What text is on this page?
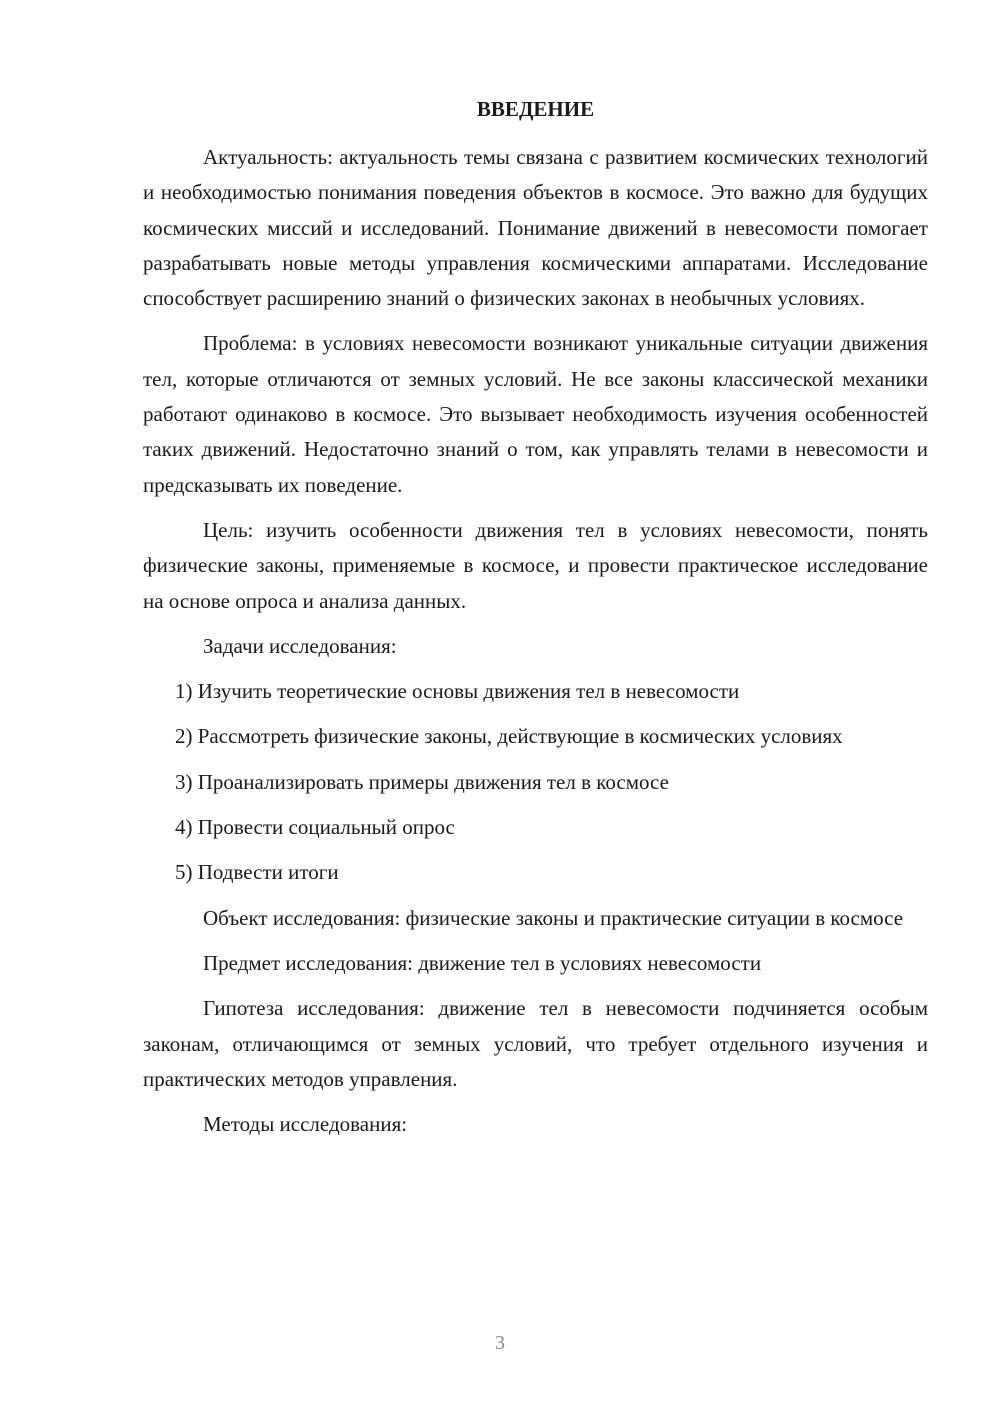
ВВЕДЕНИЕ

Актуальность: актуальность темы связана с развитием космических технологий и необходимостью понимания поведения объектов в космосе. Это важно для будущих космических миссий и исследований. Понимание движений в невесомости помогает разрабатывать новые методы управления космическими аппаратами. Исследование способствует расширению знаний о физических законах в необычных условиях.

Проблема: в условиях невесомости возникают уникальные ситуации движения тел, которые отличаются от земных условий. Не все законы классической механики работают одинаково в космосе. Это вызывает необходимость изучения особенностей таких движений. Недостаточно знаний о том, как управлять телами в невесомости и предсказывать их поведение.

Цель: изучить особенности движения тел в условиях невесомости, понять физические законы, применяемые в космосе, и провести практическое исследование на основе опроса и анализа данных.

Задачи исследования:

1) Изучить теоретические основы движения тел в невесомости

2) Рассмотреть физические законы, действующие в космических условиях

3) Проанализировать примеры движения тел в космосе

4) Провести социальный опрос

5) Подвести итоги

Объект исследования: физические законы и практические ситуации в космосе

Предмет исследования: движение тел в условиях невесомости

Гипотеза исследования: движение тел в невесомости подчиняется особым законам, отличающимся от земных условий, что требует отдельного изучения и практических методов управления.

Методы исследования:

3
